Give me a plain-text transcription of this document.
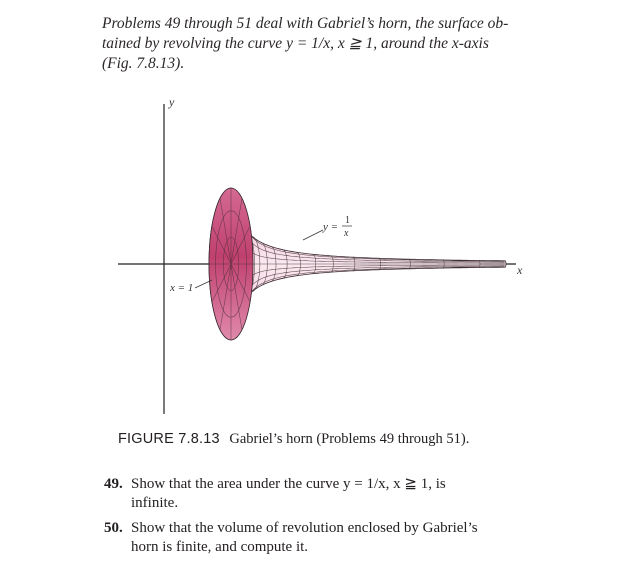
Problems 49 through 51 deal with Gabriel’s horn, the surface ob-
tained by revolving the curve y = 1/x, x ≧ 1, around the x-axis
(Fig. 7.8.13).
y
x
x = 1
y =
1
x
FIGURE 7.8.13 Gabriel’s horn (Problems 49 through 51).
49. Show that the area under the curve y = 1/x, x ≧ 1, is
infinite.
50. Show that the volume of revolution enclosed by Gabriel’s
horn is finite, and compute it.
